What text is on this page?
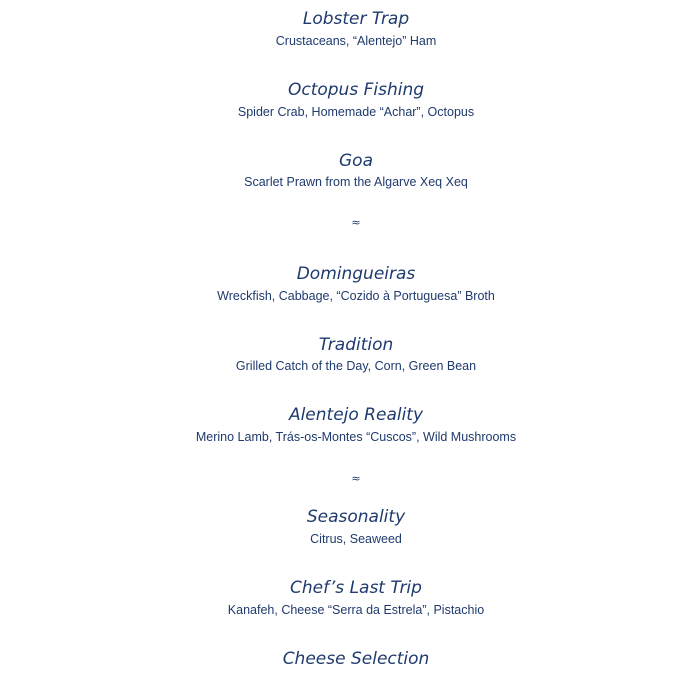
Lobster Trap
Crustaceans, “Alentejo” Ham
Octopus Fishing
Spider Crab, Homemade “Achar”, Octopus
Goa
Scarlet Prawn from the Algarve Xeq Xeq
≈
Domingueiras
Wreckfish, Cabbage, “Cozido à Portuguesa” Broth
Tradition
Grilled Catch of the Day, Corn, Green Bean
Alentejo Reality
Merino Lamb, Trás-os-Montes “Cuscos”, Wild Mushrooms
≈
Seasonality
Citrus, Seaweed
Chef’s Last Trip
Kanafeh, Cheese “Serra da Estrela”, Pistachio
Cheese Selection
